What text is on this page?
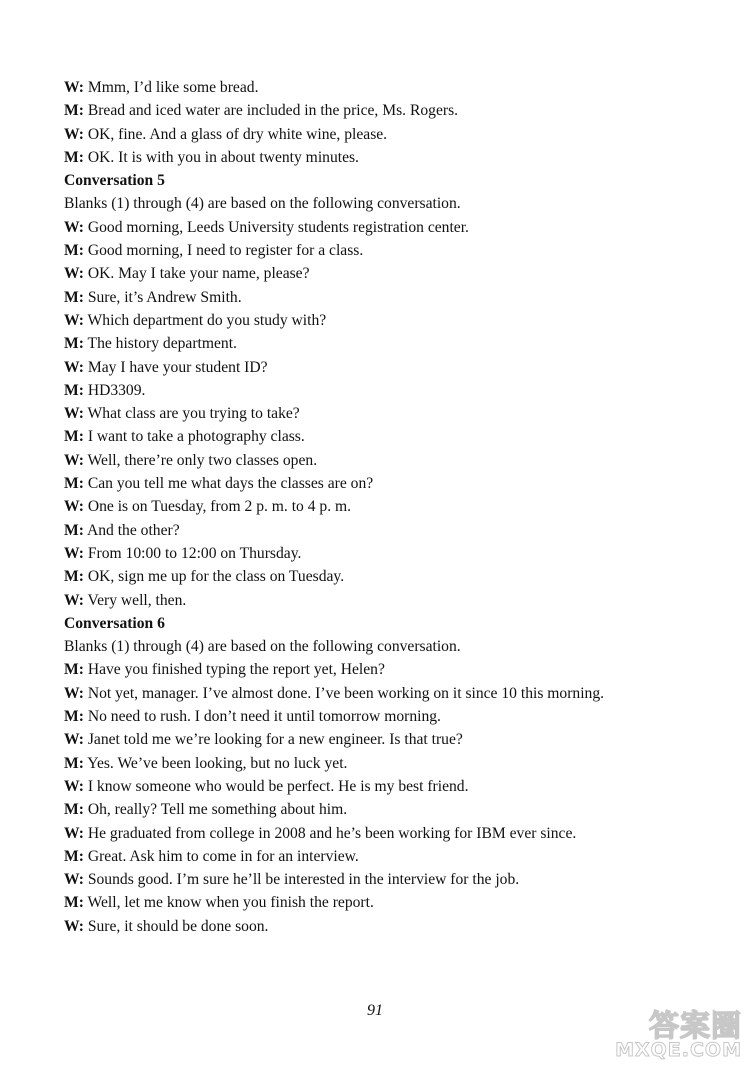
W: Mmm, I’d like some bread.
M: Bread and iced water are included in the price, Ms. Rogers.
W: OK, fine. And a glass of dry white wine, please.
M: OK. It is with you in about twenty minutes.
Conversation 5
Blanks (1) through (4) are based on the following conversation.
W: Good morning, Leeds University students registration center.
M: Good morning, I need to register for a class.
W: OK. May I take your name, please?
M: Sure, it’s Andrew Smith.
W: Which department do you study with?
M: The history department.
W: May I have your student ID?
M: HD3309.
W: What class are you trying to take?
M: I want to take a photography class.
W: Well, there’re only two classes open.
M: Can you tell me what days the classes are on?
W: One is on Tuesday, from 2 p. m. to 4 p. m.
M: And the other?
W: From 10:00 to 12:00 on Thursday.
M: OK, sign me up for the class on Tuesday.
W: Very well, then.
Conversation 6
Blanks (1) through (4) are based on the following conversation.
M: Have you finished typing the report yet, Helen?
W: Not yet, manager. I’ve almost done. I’ve been working on it since 10 this morning.
M: No need to rush. I don’t need it until tomorrow morning.
W: Janet told me we’re looking for a new engineer. Is that true?
M: Yes. We’ve been looking, but no luck yet.
W: I know someone who would be perfect. He is my best friend.
M: Oh, really? Tell me something about him.
W: He graduated from college in 2008 and he’s been working for IBM ever since.
M: Great. Ask him to come in for an interview.
W: Sounds good. I’m sure he’ll be interested in the interview for the job.
M: Well, let me know when you finish the report.
W: Sure, it should be done soon.
91	答案圈
MXQE.COM
